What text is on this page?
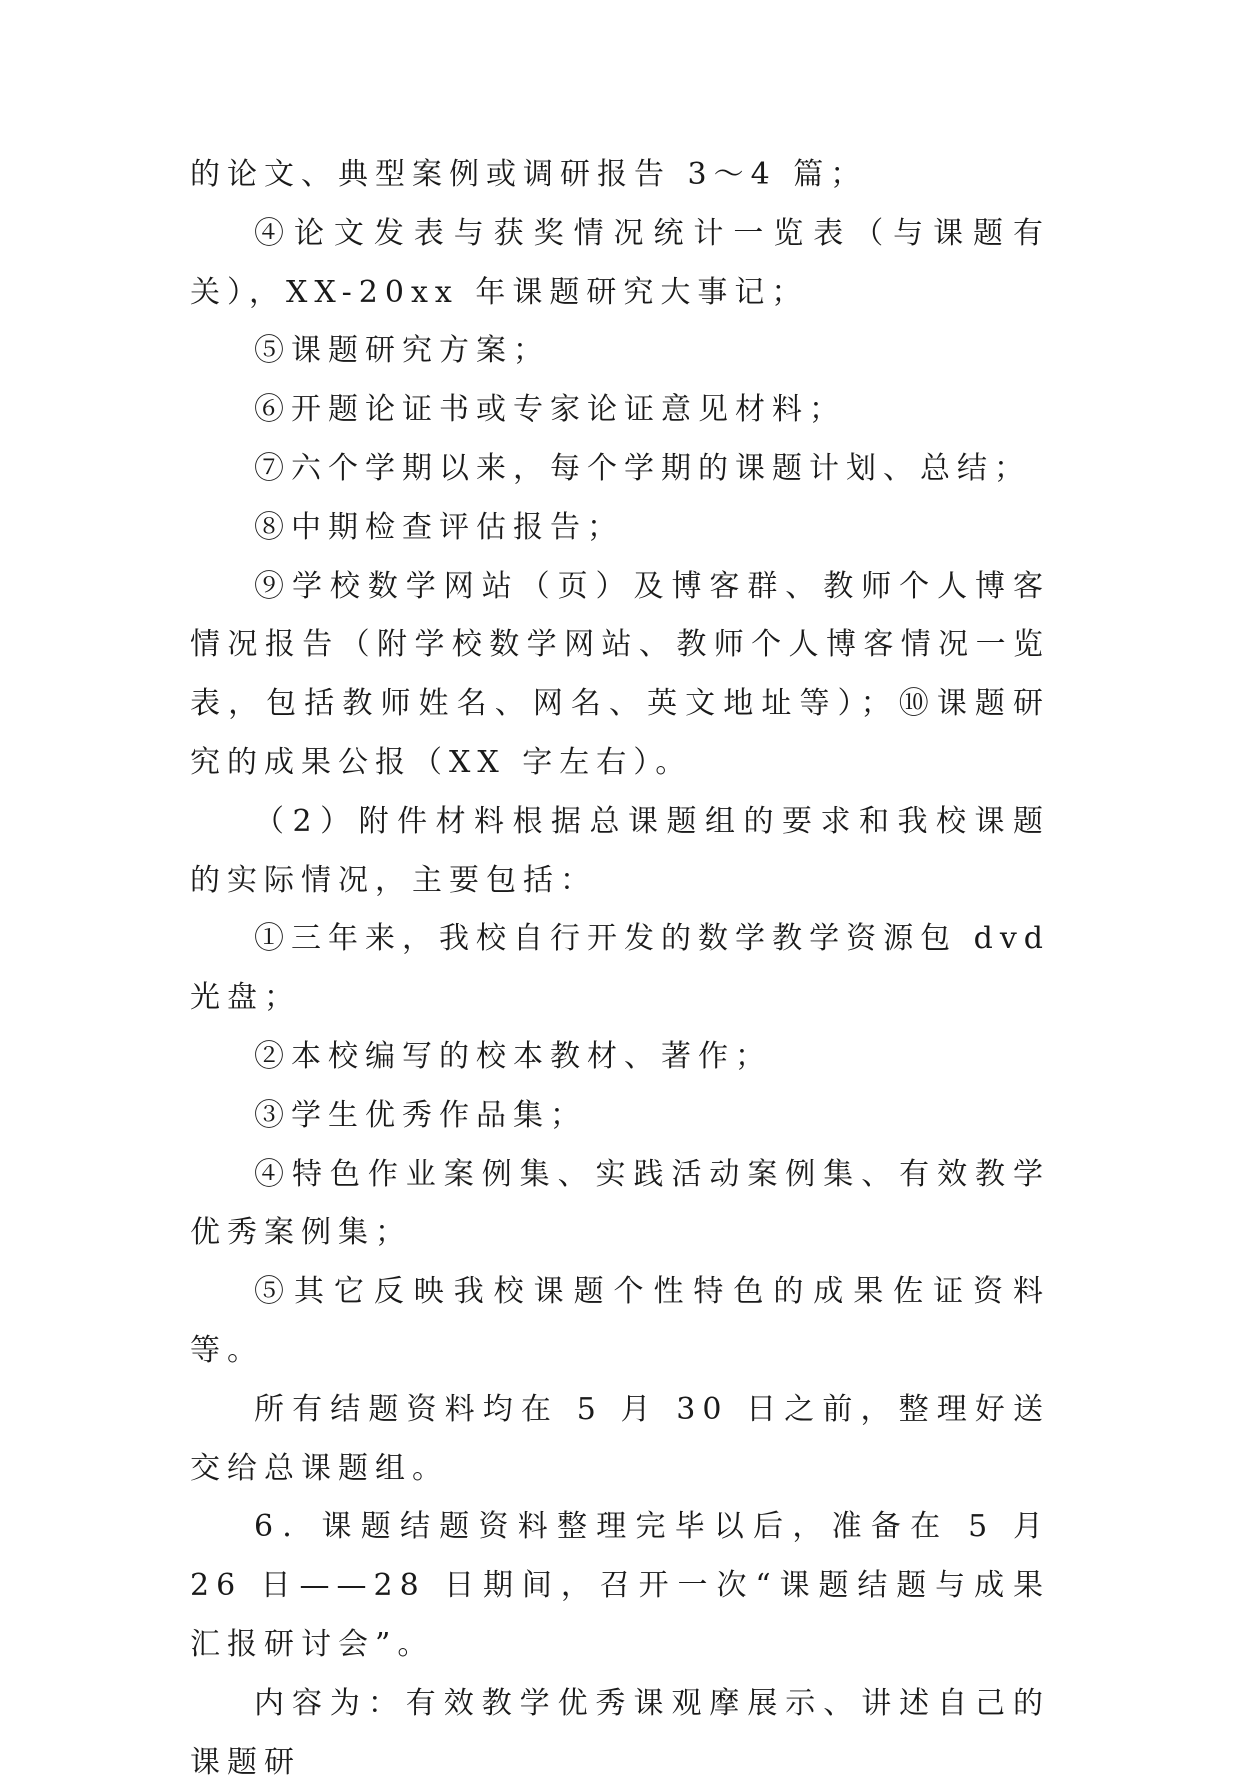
的论文、典型案例或调研报告 3～4 篇；

④论文发表与获奖情况统计一览表（与课题有关），XX-20xx 年课题研究大事记；

⑤课题研究方案；

⑥开题论证书或专家论证意见材料；

⑦六个学期以来，每个学期的课题计划、总结；

⑧中期检查评估报告；

⑨学校数学网站（页）及博客群、教师个人博客情况报告（附学校数学网站、教师个人博客情况一览表，包括教师姓名、网名、英文地址等）；⑩课题研究的成果公报（XX 字左右）。

（2）附件材料根据总课题组的要求和我校课题的实际情况，主要包括：

①三年来，我校自行开发的数学教学资源包 dvd 光盘；

②本校编写的校本教材、著作；

③学生优秀作品集；

④特色作业案例集、实践活动案例集、有效教学优秀案例集；

⑤其它反映我校课题个性特色的成果佐证资料等。

所有结题资料均在 5 月 30 日之前，整理好送交给总课题组。

6．课题结题资料整理完毕以后，准备在 5 月 26 日——28 日期间，召开一次“课题结题与成果汇报研讨会”。

内容为：有效教学优秀课观摩展示、讲述自己的课题研
